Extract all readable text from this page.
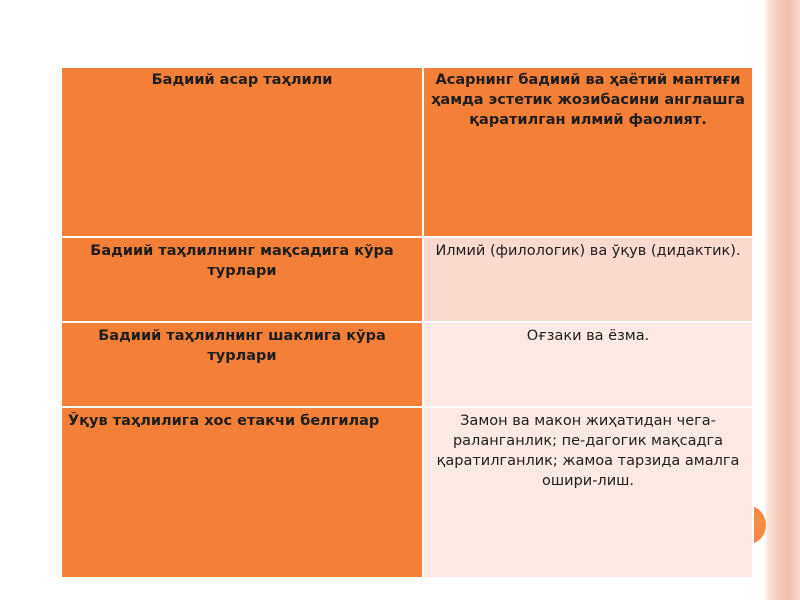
Бадиий асар таҳлили	Асарнинг бадиий ва ҳаётий мантиғи ҳамда эстетик жозибасини англашга қаратилган илмий фаолият.
Бадиий таҳлилнинг мақсадига кўра турлари	Илмий (филологик) ва ўқув (дидактик).
Бадиий таҳлилнинг шаклига кўра турлари	Оғзаки ва ёзма.
Ўқув таҳлилига хос етакчи белгилар	Замон ва макон жиҳатидан чега-раланганлик; пе-дагогик мақсадга қаратилганлик; жамоа тарзида амалга ошири-лиш.
